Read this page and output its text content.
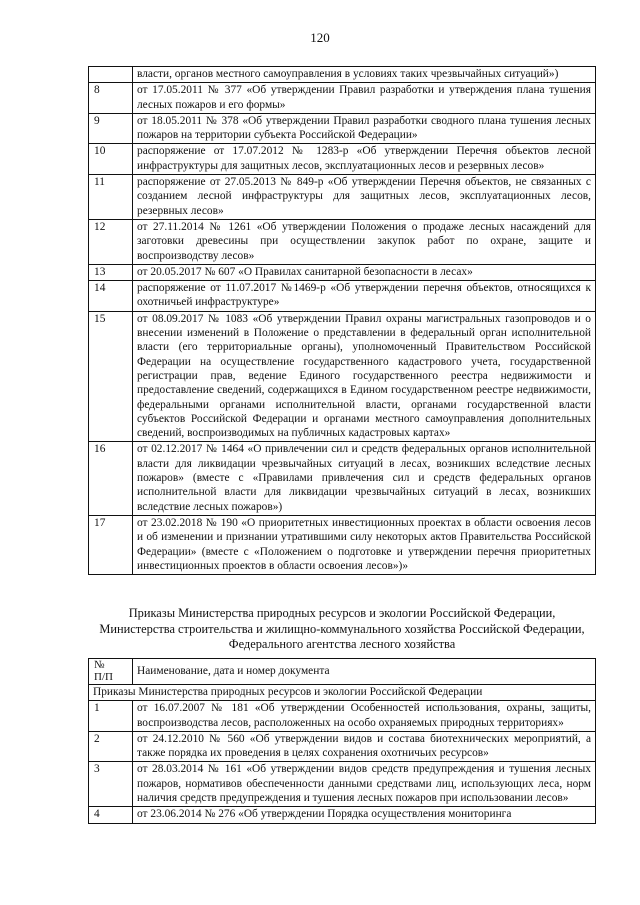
120
	власти, органов местного самоуправления в условиях таких чрезвычайных ситуаций»)
8	от 17.05.2011 № 377 «Об утверждении Правил разработки и утверждения плана тушения лесных пожаров и его формы»
9	от 18.05.2011 № 378 «Об утверждении Правил разработки сводного плана тушения лесных пожаров на территории субъекта Российской Федерации»
10	распоряжение от 17.07.2012 № 1283-р «Об утверждении Перечня объектов лесной инфраструктуры для защитных лесов, эксплуатационных лесов и резервных лесов»
11	распоряжение от 27.05.2013 № 849-р «Об утверждении Перечня объектов, не связанных с созданием лесной инфраструктуры для защитных лесов, эксплуатационных лесов, резервных лесов»
12	от 27.11.2014 № 1261 «Об утверждении Положения о продаже лесных насаждений для заготовки древесины при осуществлении закупок работ по охране, защите и воспроизводству лесов»
13	от 20.05.2017 № 607 «О Правилах санитарной безопасности в лесах»
14	распоряжение от 11.07.2017 №1469-р «Об утверждении перечня объектов, относящихся к охотничьей инфраструктуре»
15	от 08.09.2017 № 1083 «Об утверждении Правил охраны магистральных газопроводов и о внесении изменений в Положение о представлении в федеральный орган исполнительной власти (его территориальные органы), уполномоченный Правительством Российской Федерации на осуществление государственного кадастрового учета, государственной регистрации прав, ведение Единого государственного реестра недвижимости и предоставление сведений, содержащихся в Едином государственном реестре недвижимости, федеральными органами исполнительной власти, органами государственной власти субъектов Российской Федерации и органами местного самоуправления дополнительных сведений, воспроизводимых на публичных кадастровых картах»
16	от 02.12.2017 № 1464 «О привлечении сил и средств федеральных органов исполнительной власти для ликвидации чрезвычайных ситуаций в лесах, возникших вследствие лесных пожаров» (вместе с «Правилами привлечения сил и средств федеральных органов исполнительной власти для ликвидации чрезвычайных ситуаций в лесах, возникших вследствие лесных пожаров»)
17	от 23.02.2018 № 190 «О приоритетных инвестиционных проектах в области освоения лесов и об изменении и признании утратившими силу некоторых актов Правительства Российской Федерации» (вместе с «Положением о подготовке и утверждении перечня приоритетных инвестиционных проектов в области освоения лесов»)»
Приказы Министерства природных ресурсов и экологии Российской Федерации,
Министерства строительства и жилищно-коммунального хозяйства Российской Федерации,
Федерального агентства лесного хозяйства
№
П/П	Наименование, дата и номер документа
Приказы Министерства природных ресурсов и экологии Российской Федерации	
1	от 16.07.2007 № 181 «Об утверждении Особенностей использования, охраны, защиты, воспроизводства лесов, расположенных на особо охраняемых природных территориях»
2	от 24.12.2010 № 560 «Об утверждении видов и состава биотехнических мероприятий, а также порядка их проведения в целях сохранения охотничьих ресурсов»
3	от 28.03.2014 № 161 «Об утверждении видов средств предупреждения и тушения лесных пожаров, нормативов обеспеченности данными средствами лиц, использующих леса, норм наличия средств предупреждения и тушения лесных пожаров при использовании лесов»
4	от 23.06.2014 № 276 «Об утверждении Порядка осуществления мониторинга
